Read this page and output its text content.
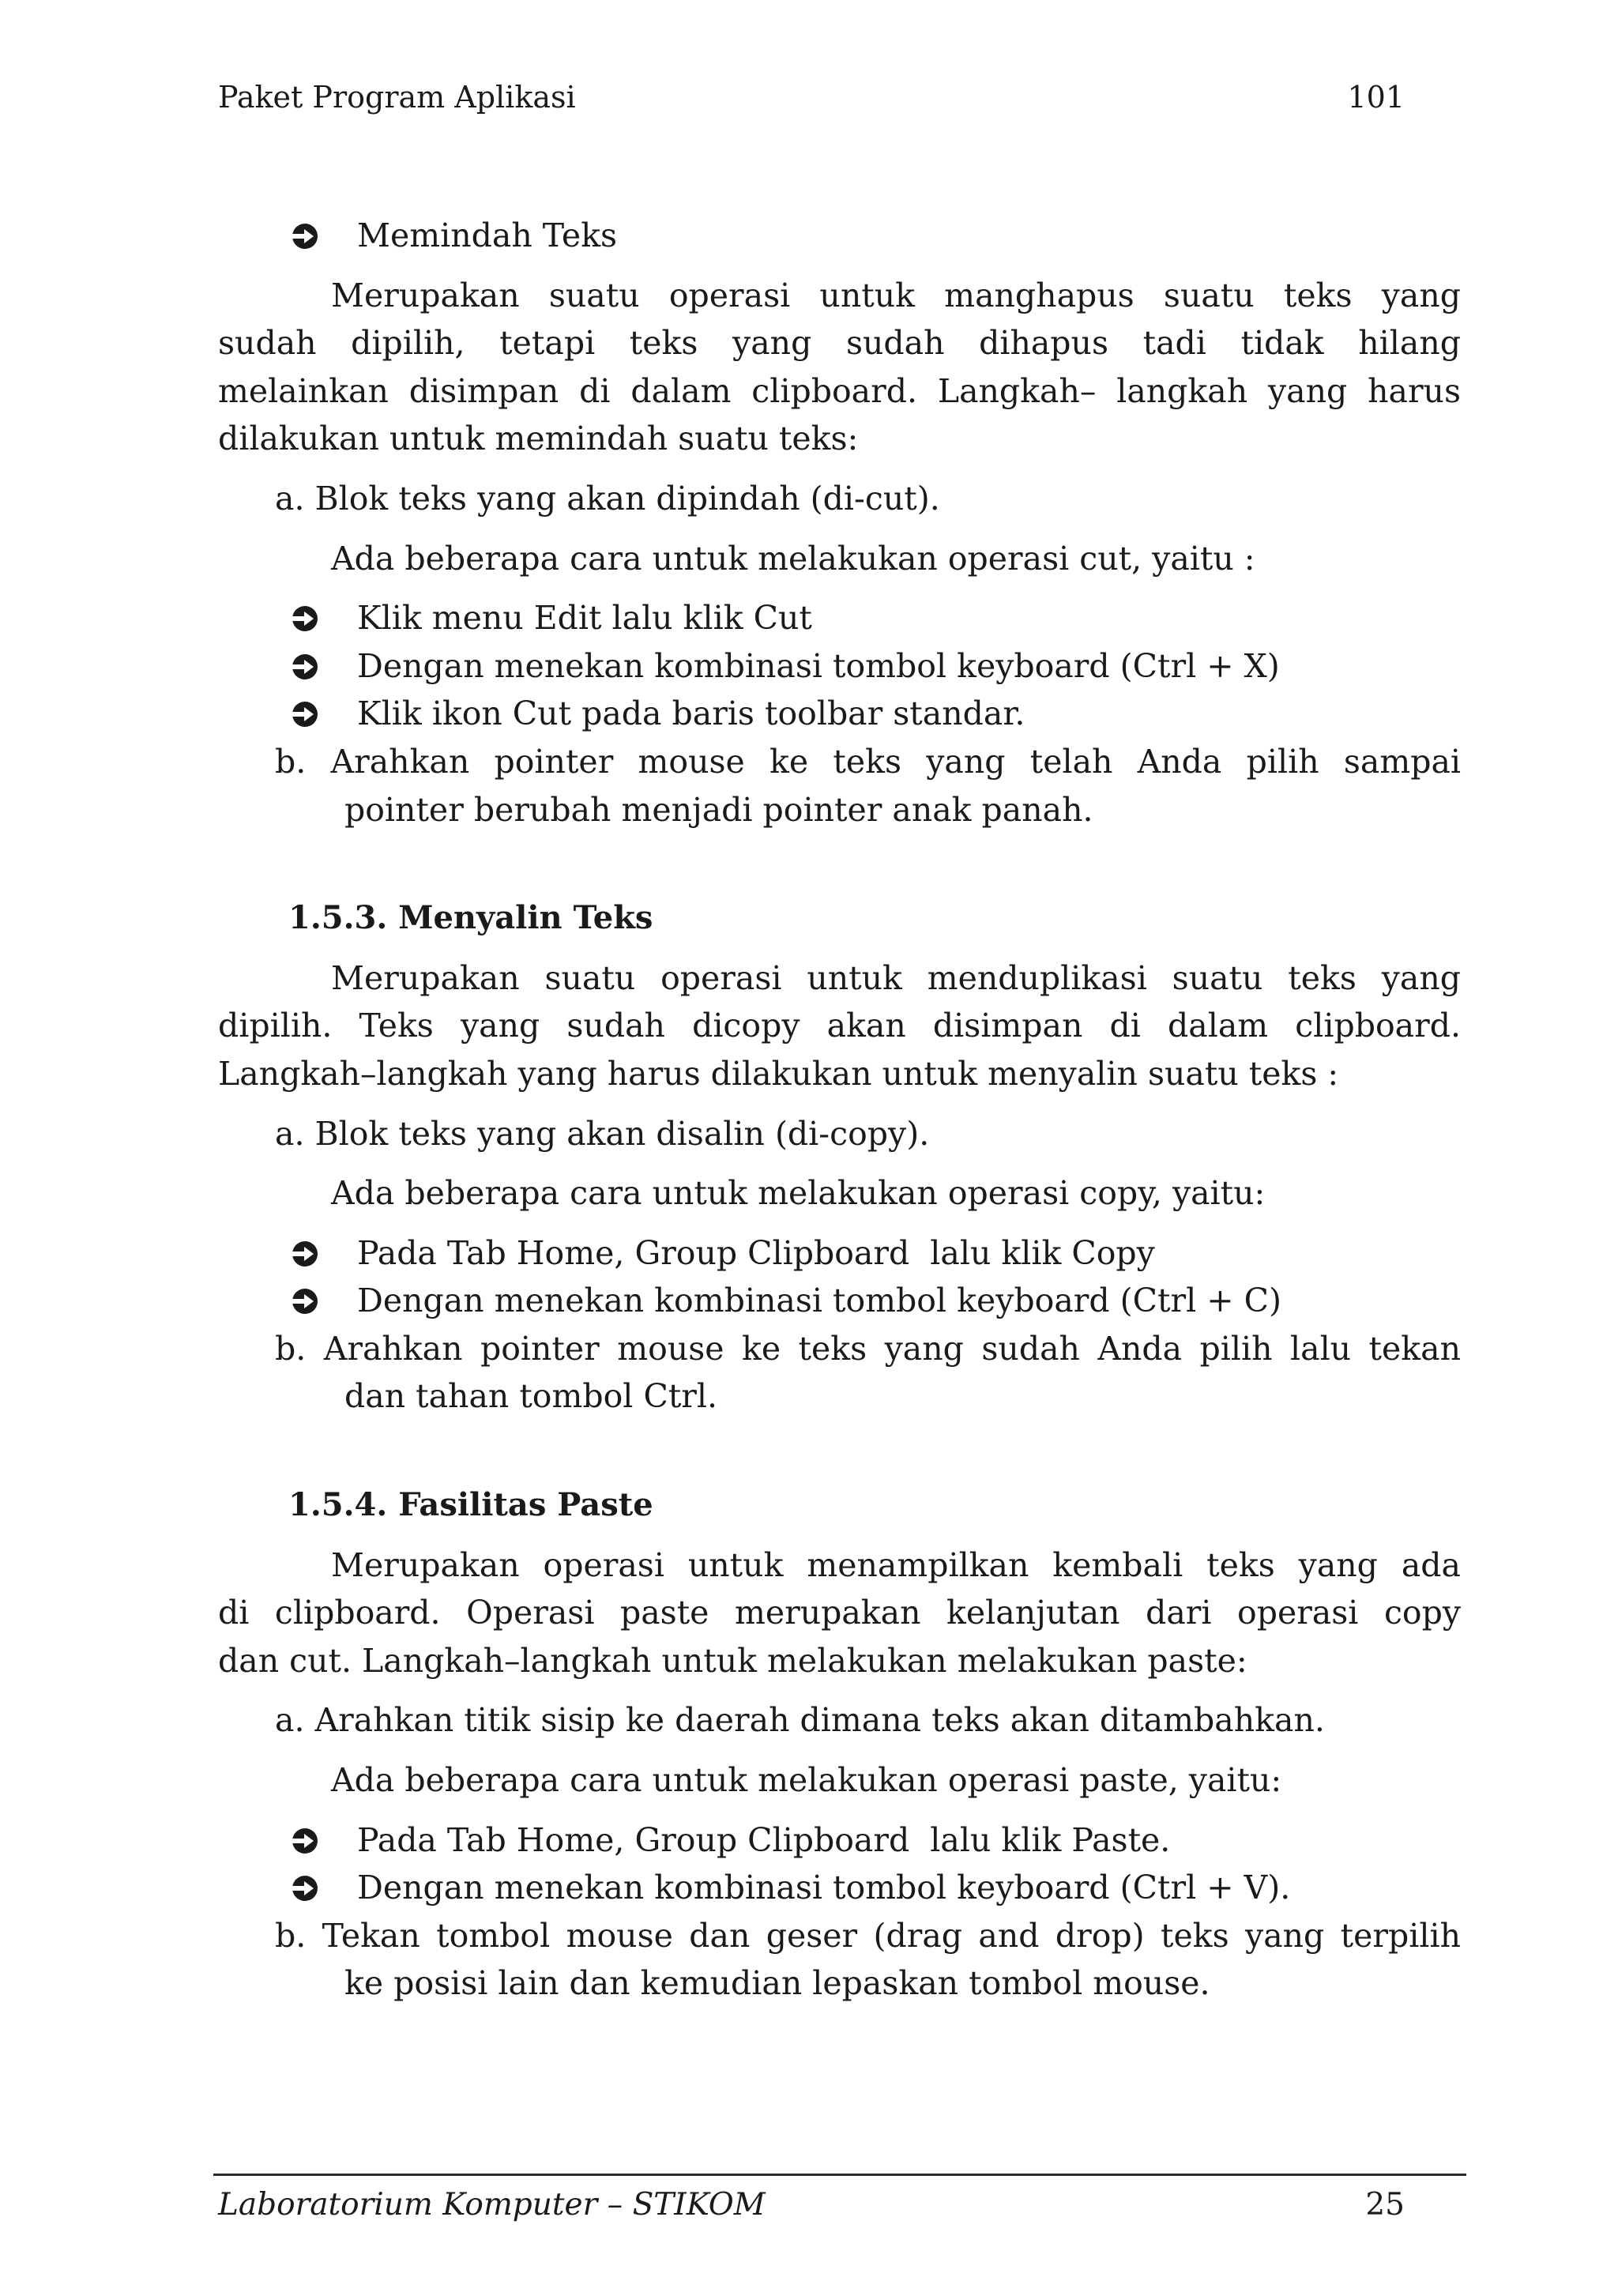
Paket Program Aplikasi	101
Memindah Teks
Merupakan suatu operasi untuk manghapus suatu teks yang
sudah dipilih, tetapi teks yang sudah dihapus tadi tidak hilang
melainkan disimpan di dalam clipboard. Langkah– langkah yang harus
dilakukan untuk memindah suatu teks:
a. Blok teks yang akan dipindah (di-cut).
Ada beberapa cara untuk melakukan operasi cut, yaitu :
Klik menu Edit lalu klik Cut
Dengan menekan kombinasi tombol keyboard (Ctrl + X)
Klik ikon Cut pada baris toolbar standar.
b. Arahkan pointer mouse ke teks yang telah Anda pilih sampai
pointer berubah menjadi pointer anak panah.
1.5.3. Menyalin Teks
Merupakan suatu operasi untuk menduplikasi suatu teks yang
dipilih. Teks yang sudah dicopy akan disimpan di dalam clipboard.
Langkah–langkah yang harus dilakukan untuk menyalin suatu teks :
a. Blok teks yang akan disalin (di-copy).
Ada beberapa cara untuk melakukan operasi copy, yaitu:
Pada Tab Home, Group Clipboard  lalu klik Copy
Dengan menekan kombinasi tombol keyboard (Ctrl + C)
b. Arahkan pointer mouse ke teks yang sudah Anda pilih lalu tekan
dan tahan tombol Ctrl.
1.5.4. Fasilitas Paste
Merupakan operasi untuk menampilkan kembali teks yang ada
di clipboard. Operasi paste merupakan kelanjutan dari operasi copy
dan cut. Langkah–langkah untuk melakukan melakukan paste:
a. Arahkan titik sisip ke daerah dimana teks akan ditambahkan.
Ada beberapa cara untuk melakukan operasi paste, yaitu:
Pada Tab Home, Group Clipboard  lalu klik Paste.
Dengan menekan kombinasi tombol keyboard (Ctrl + V).
b. Tekan tombol mouse dan geser (drag and drop) teks yang terpilih
ke posisi lain dan kemudian lepaskan tombol mouse.
Laboratorium Komputer – STIKOM	25
